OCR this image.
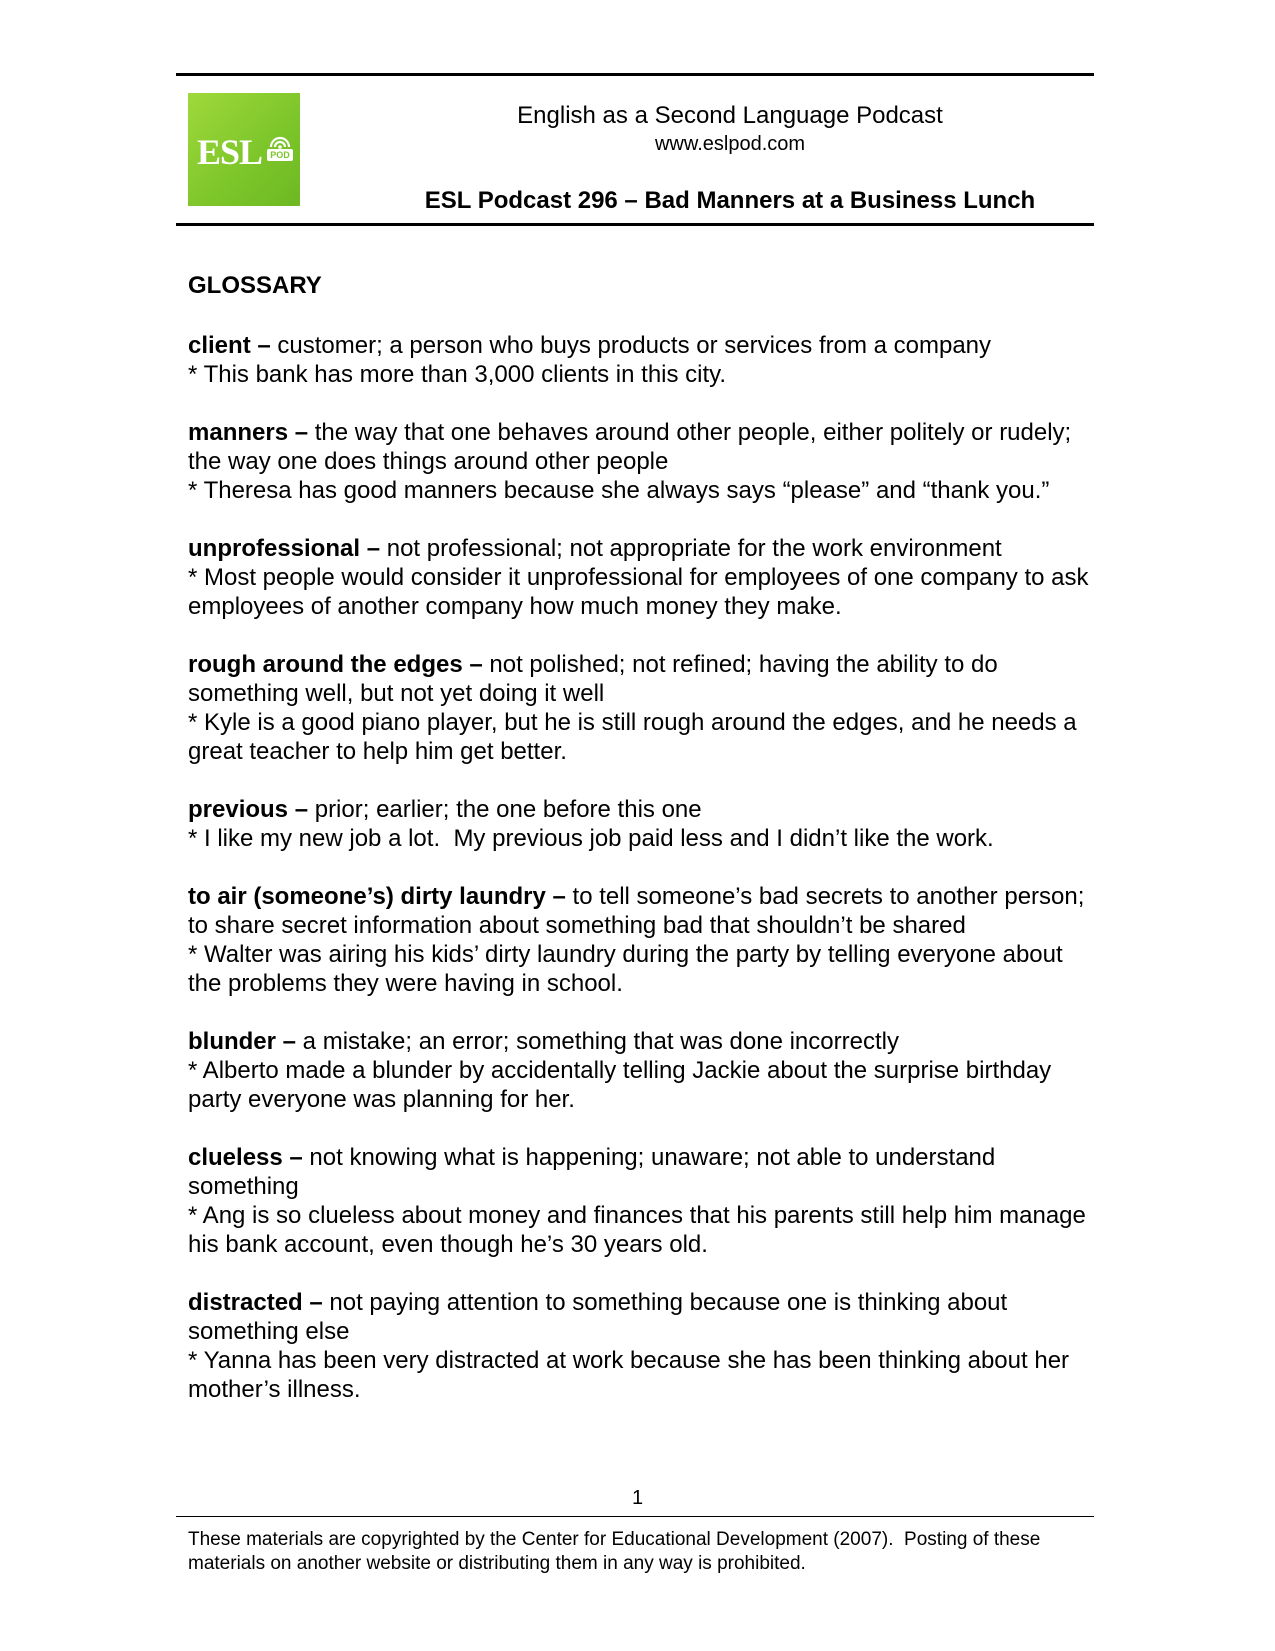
ESL POD
English as a Second Language Podcast
www.eslpod.com
ESL Podcast 296 – Bad Manners at a Business Lunch
GLOSSARY

client – customer; a person who buys products or services from a company

* This bank has more than 3,000 clients in this city.

manners – the way that one behaves around other people, either politely or rudely; the way one does things around other people

* Theresa has good manners because she always says “please” and “thank you.”

unprofessional – not professional; not appropriate for the work environment

* Most people would consider it unprofessional for employees of one company to ask employees of another company how much money they make.

rough around the edges – not polished; not refined; having the ability to do something well, but not yet doing it well

* Kyle is a good piano player, but he is still rough around the edges, and he needs a great teacher to help him get better.

previous – prior; earlier; the one before this one

* I like my new job a lot.  My previous job paid less and I didn’t like the work.

to air (someone’s) dirty laundry – to tell someone’s bad secrets to another person; to share secret information about something bad that shouldn’t be shared

* Walter was airing his kids’ dirty laundry during the party by telling everyone about the problems they were having in school.

blunder – a mistake; an error; something that was done incorrectly

* Alberto made a blunder by accidentally telling Jackie about the surprise birthday party everyone was planning for her.

clueless – not knowing what is happening; unaware; not able to understand something

* Ang is so clueless about money and finances that his parents still help him manage his bank account, even though he’s 30 years old.

distracted – not paying attention to something because one is thinking about something else

* Yanna has been very distracted at work because she has been thinking about her mother’s illness.

1
These materials are copyrighted by the Center for Educational Development (2007).  Posting of these materials on another website or distributing them in any way is prohibited.
